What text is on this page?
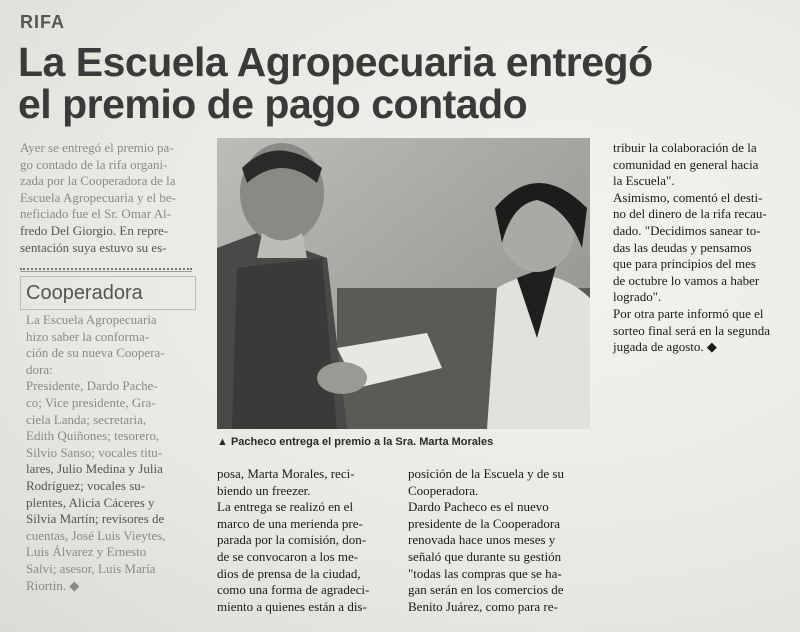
RIFA
La Escuela Agropecuaria entregó
el premio de pago contado

Ayer se entregó el premio pa-

go contado de la rifa organi-

zada por la Cooperadora de la

Escuela Agropecuaria y el be-

neficiado fue el Sr. Omar Al-

fredo Del Giorgio. En repre-

sentación suya estuvo su es-

Cooperadora

La Escuela Agropecuaria

hizo saber la conforma-

ción de su nueva Coopera-

dora:

Presidente, Dardo Pache-

co; Vice presidente, Gra-

ciela Landa; secretaria,

Edith Quiñones; tesorero,

Silvio Sanso; vocales titu-

lares, Julio Medina y Julia

Rodríguez; vocales su-

plentes, Alicia Cáceres y

Silvia Martín; revisores de

cuentas, José Luis Vieytes,

Luis Álvarez y Ernesto

Salvi; asesor, Luis María

Riortin. ◆

▲ Pacheco entrega el premio a la Sra. Marta Morales

posa, Marta Morales, reci-

biendo un freezer.

La entrega se realizó en el

marco de una merienda pre-

parada por la comisión, don-

de se convocaron a los me-

dios de prensa de la ciudad,

como una forma de agradeci-

miento a quienes están a dis-

posición de la Escuela y de su

Cooperadora.

Dardo Pacheco es el nuevo

presidente de la Cooperadora

renovada hace unos meses y

señaló que durante su gestión

"todas las compras que se ha-

gan serán en los comercios de

Benito Juárez, como para re-

tribuir la colaboración de la

comunidad en general hacia

la Escuela".

Asimismo, comentó el desti-

no del dinero de la rifa recau-

dado. "Decidimos sanear to-

das las deudas y pensamos

que para principios del mes

de octubre lo vamos a haber

logrado".

Por otra parte informó que el

sorteo final será en la segunda

jugada de agosto. ◆
